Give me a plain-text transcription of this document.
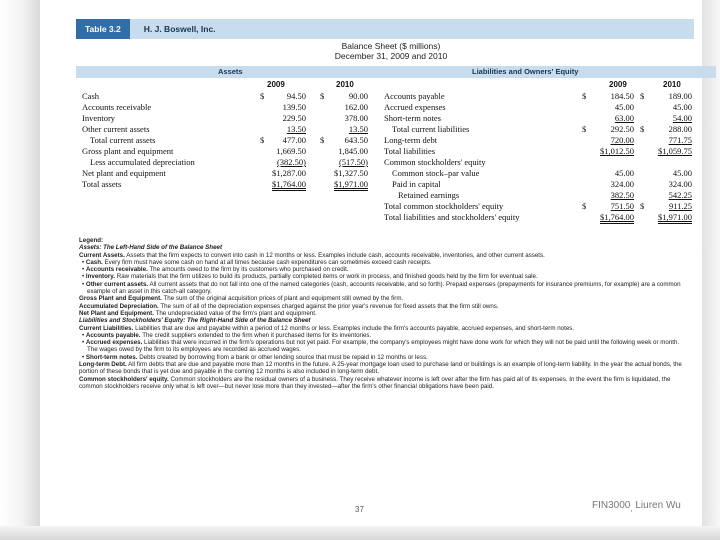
Table 3.2	H. J. Boswell, Inc.
Balance Sheet ($ millions)
December 31, 2009 and 2010
Assets	Liabilities and Owners' Equity
2009	2010	2009	2010
Cash	$	94.50 $	90.00 Accounts payable	$	184.50 $	189.00
Accounts receivable	139.50	162.00 Accrued expenses	45.00	45.00
Inventory	229.50	378.00 Short-term notes	63.00	54.00
Other current assets	13.50	13.50	Total current liabilities	$	292.50 $	288.00
Total current assets	$	477.00 $	643.50 Long-term debt	720.00	771.75
Gross plant and equipment	1,669.50	1,845.00 Total liabilities	$1,012.50	$1,059.75
Less accumulated depreciation	(382.50)	(517.50) Common stockholders' equity
Net plant and equipment	$1,287.00	$1,327.50	Common stock–par value	45.00	45.00
Total assets	$1,764.00	$1,971.00	Paid in capital	324.00	324.00
Retained earnings	382.50	542.25
Total common stockholders' equity	$	751.50 $	911.25
Total liabilities and stockholders' equity	$1,764.00	$1,971.00

Legend:

Assets: The Left-Hand Side of the Balance Sheet

Current Assets. Assets that the firm expects to convert into cash in 12 months or less. Examples include cash, accounts receivable, inventories, and other current assets.

• Cash. Every firm must have some cash on hand at all times because cash expenditures can sometimes exceed cash receipts.

• Accounts receivable. The amounts owed to the firm by its customers who purchased on credit.

• Inventory. Raw materials that the firm utilizes to build its products, partially completed items or work in process, and finished goods held by the firm for eventual sale.

• Other current assets. All current assets that do not fall into one of the named categories (cash, accounts receivable, and so forth). Prepaid expenses (prepayments for insurance premiums, for example) are a common example of an asset in this catch-all category.

Gross Plant and Equipment. The sum of the original acquisition prices of plant and equipment still owned by the firm.

Accumulated Depreciation. The sum of all of the depreciation expenses charged against the prior year's revenue for fixed assets that the firm still owns.

Net Plant and Equipment. The undepreciated value of the firm's plant and equipment.

Liabilities and Stockholders' Equity: The Right-Hand Side of the Balance Sheet

Current Liabilities. Liabilities that are due and payable within a period of 12 months or less. Examples include the firm's accounts payable, accrued expenses, and short-term notes.

• Accounts payable. The credit suppliers extended to the firm when it purchased items for its inventories.

• Accrued expenses. Liabilities that were incurred in the firm's operations but not yet paid. For example, the company's employees might have done work for which they will not be paid until the following week or month. The wages owed by the firm to its employees are recorded as accrued wages.

• Short-term notes. Debts created by borrowing from a bank or other lending source that must be repaid in 12 months or less.

Long-term Debt. All firm debts that are due and payable more than 12 months in the future. A 25-year mortgage loan used to purchase land or buildings is an example of long-term liability. In the year the actual bonds, the portion of these bonds that is yet due and payable in the coming 12 months is also included in long-term debt.

Common stockholders' equity. Common stockholders are the residual owners of a business. They receive whatever income is left over after the firm has paid all of its expenses. In the event the firm is liquidated, the common stockholders receive only what is left over—but never lose more than they invested—after the firm's other financial obligations have been paid.

37	$FIN3000_,$ Liuren Wu
